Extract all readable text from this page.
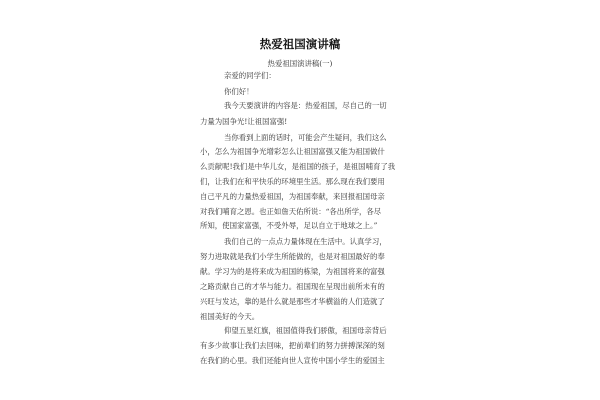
热爱祖国演讲稿
热爱祖国演讲稿(一)
亲爱的同学们：
你们好！
我今天要演讲的内容是：热爱祖国，尽自己的一切
力量为国争光!让祖国富强!
当你看到上面的话时，可能会产生疑问，我们这么
小，怎么为祖国争光增彩怎么让祖国富强又能为祖国做什
么贡献呢!我们是中华儿女，是祖国的孩子，是祖国哺育了我
们，让我们在和平快乐的环境里生活。那么现在我们要用
自己平凡的力量热爱祖国，为祖国奉献，来回报祖国母亲
对我们哺育之恩。也正如詹天佑所说：“各出所学，各尽
所知，使国家富强，不受外辱，足以自立于地球之上。”
我们自己的一点点力量体现在生活中。认真学习，
努力进取就是我们小学生所能做的，也是对祖国最好的奉
献。学习为的是将来成为祖国的栋梁，为祖国将来的富强
之路贡献自己的才华与能力。祖国现在呈现出前所未有的
兴旺与发达，靠的是什么就是那些才华横溢的人们造就了
祖国美好的今天。
仰望五星红旗，祖国值得我们骄傲，祖国母亲背后
有多少故事让我们去回味，把前辈们的努力拼搏深深的刻
在我们的心里。我们还能向世人宣传中国小学生的爱国主
